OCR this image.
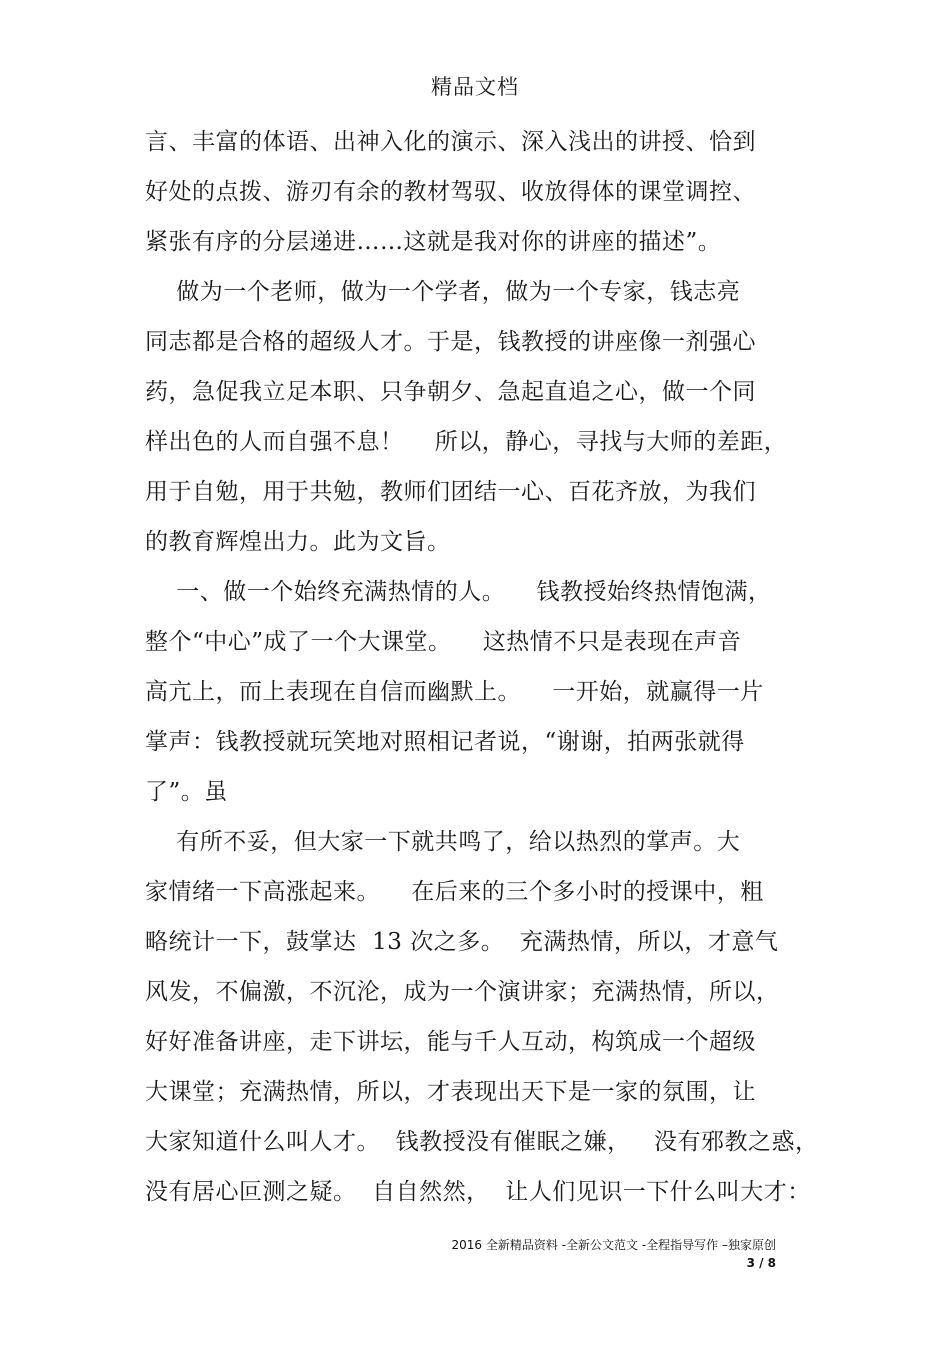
精品文档
言、丰富的体语、出神入化的演示、深入浅出的讲授、恰到
好处的点拨、游刃有余的教材驾驭、收放得体的课堂调控、
紧张有序的分层递进……这就是我对你的讲座的描述”。
做为一个老师，做为一个学者，做为一个专家，钱志亮
同志都是合格的超级人才。于是，钱教授的讲座像一剂强心
药，急促我立足本职、只争朝夕、急起直追之心，做一个同
样出色的人而自强不息！    所以，静心，寻找与大师的差距，
用于自勉，用于共勉，教师们团结一心、百花齐放，为我们
的教育辉煌出力。此为文旨。
一、做一个始终充满热情的人。    钱教授始终热情饱满，
整个“中心”成了一个大课堂。    这热情不只是表现在声音
高亢上，而上表现在自信而幽默上。    一开始，就赢得一片
掌声：钱教授就玩笑地对照相记者说，“谢谢，拍两张就得
了”。虽
有所不妥，但大家一下就共鸣了，给以热烈的掌声。大
家情绪一下高涨起来。    在后来的三个多小时的授课中，粗
略统计一下，鼓掌达  13 次之多。  充满热情，所以，才意气
风发，不偏激，不沉沦，成为一个演讲家；充满热情，所以，
好好准备讲座，走下讲坛，能与千人互动，构筑成一个超级
大课堂；充满热情，所以，才表现出天下是一家的氛围，让
大家知道什么叫人才。  钱教授没有催眠之嫌，   没有邪教之惑，
没有居心叵测之疑。  自自然然，  让人们见识一下什么叫大才：
2016 全新精品资料 -全新公文范文 -全程指导写作 –独家原创
3 / 8
